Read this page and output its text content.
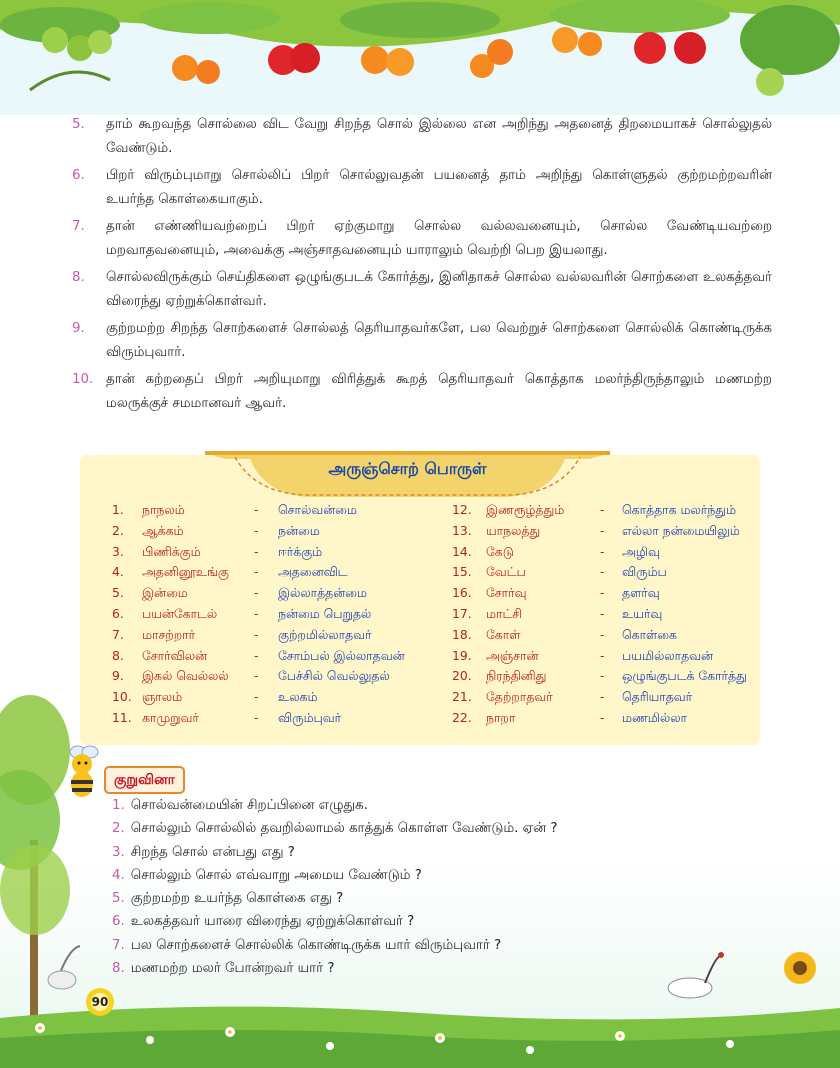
5.	தாம் கூறவந்த சொல்லை விட வேறு சிறந்த சொல் இல்லை என அறிந்து அதனைத் திறமையாகச் சொல்லுதல் வேண்டும்.
6.	பிறர் விரும்புமாறு சொல்லிப் பிறர் சொல்லுவதன் பயனைத் தாம் அறிந்து கொள்ளுதல் குற்றமற்றவரின் உயர்ந்த கொள்கையாகும்.
7.	தான் எண்ணியவற்றைப் பிறர் ஏற்குமாறு சொல்ல வல்லவனையும், சொல்ல வேண்டியவற்றை மறவாதவனையும், அவைக்கு அஞ்சாதவனையும் யாராலும் வெற்றி பெற இயலாது.
8.	சொல்லவிருக்கும் செய்திகளை ஒழுங்குபடக் கோர்த்து, இனிதாகச் சொல்ல வல்லவரின் சொற்களை உலகத்தவர் விரைந்து ஏற்றுக்கொள்வர்.
9.	குற்றமற்ற சிறந்த சொற்களைச் சொல்லத் தெரியாதவர்களே, பல வெற்றுச் சொற்களை சொல்லிக் கொண்டிருக்க விரும்புவார்.
10. தான் கற்றதைப் பிறர் அறியுமாறு விரித்துக் கூறத் தெரியாதவர் கொத்தாக மலர்ந்திருந்தாலும் மணமற்ற மலருக்குச் சமமானவர் ஆவர்.
அருஞ்சொற் பொருள்
1.	நாநலம்	-	சொல்வன்மை
2.	ஆக்கம்	-	நன்மை
3.	பிணிக்கும்	-	ஈர்க்கும்
4.	அதனினூஉங்கு	-	அதனைவிட
5.	இன்மை	-	இல்லாத்தன்மை
6.	பயன்கோடல்	-	நன்மை பெறுதல்
7.	மாசற்றார்	-	குற்றமில்லாதவர்
8.	சோர்விலன்	-	சோம்பல் இல்லாதவன்
9.	இகல் வெல்லல்	-	பேச்சில் வெல்லுதல்
10. ஞாலம்	-	உலகம்
11. காமுறுவர்	-	விரும்புவர்
12.	இணரூழ்த்தும்	-	கொத்தாக மலர்ந்தும்
13.	யாநலத்து	-	எல்லா நன்மையிலும்
14.	கேடு	-	அழிவு
15.	வேட்ப	-	விரும்ப
16.	சோர்வு	-	தளர்வு
17.	மாட்சி	-	உயர்வு
18.	கோள்	-	கொள்கை
19.	அஞ்சான்	-	பயமில்லாதவன்
20.	நிரந்தினிது	-	ஒழுங்குபடக் கோர்த்து
21.	தேற்றாதவர்	-	தெரியாதவர்
22.	நாறா	-	மணமில்லா
குறுவினா
1. சொல்வன்மையின் சிறப்பினை எழுதுக.
2. சொல்லும் சொல்லில் தவறில்லாமல் காத்துக் கொள்ள வேண்டும். ஏன் ?
3. சிறந்த சொல் என்பது எது ?
4. சொல்லும் சொல் எவ்வாறு அமைய வேண்டும் ?
5. குற்றமற்ற உயர்ந்த கொள்கை எது ?
6. உலகத்தவர் யாரை விரைந்து ஏற்றுக்கொள்வர் ?
7. பல சொற்களைச் சொல்லிக் கொண்டிருக்க யார் விரும்புவார் ?
8. மணமற்ற மலர் போன்றவர் யார் ?
90
